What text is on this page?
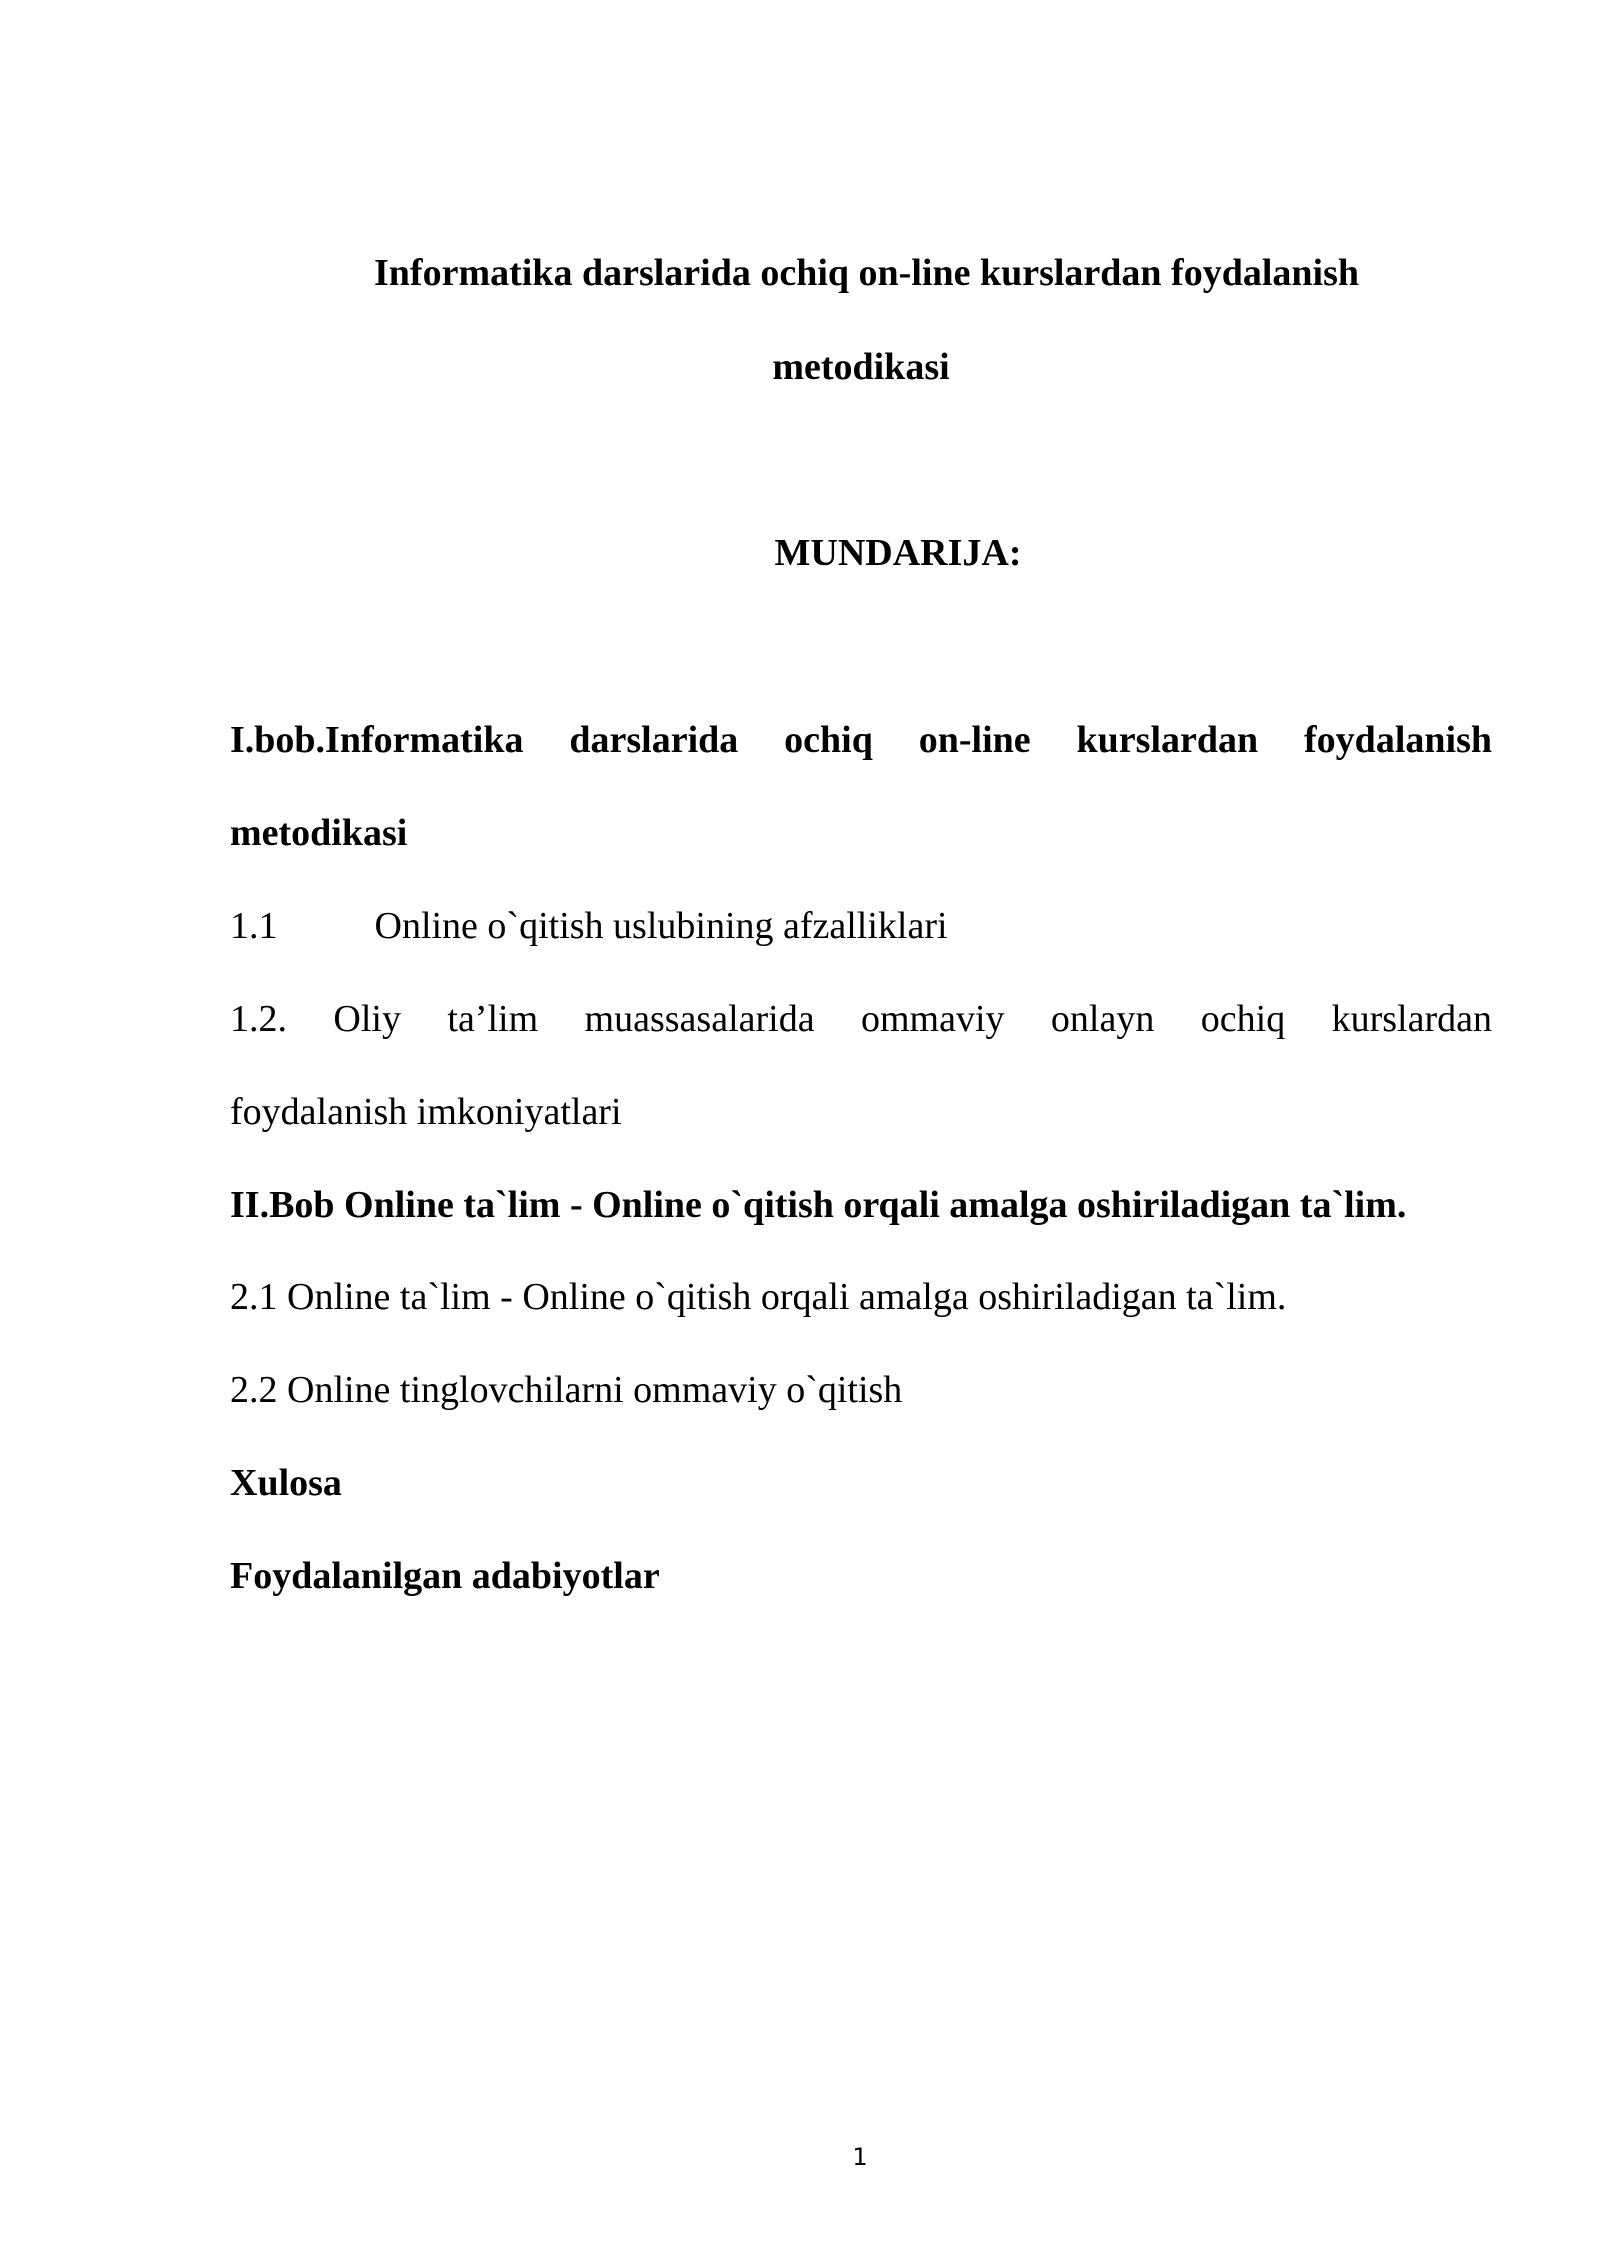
Informatika darslarida ochiq on-line kurslardan foydalanish
metodikasi
MUNDARIJA:
I.bob.Informatika darslarida ochiq on-line kurslardan foydalanish
metodikasi
1.1	Online o`qitish uslubining afzalliklari
1.2. Oliy ta’lim muassasalarida ommaviy onlayn ochiq kurslardan
foydalanish imkoniyatlari
II.Bob Online ta`lim - Online o`qitish orqali amalga oshiriladigan ta`lim.
2.1 Online ta`lim - Online o`qitish orqali amalga oshiriladigan ta`lim.
2.2 Online tinglovchilarni ommaviy o`qitish
Xulosa
Foydalanilgan adabiyotlar
1
